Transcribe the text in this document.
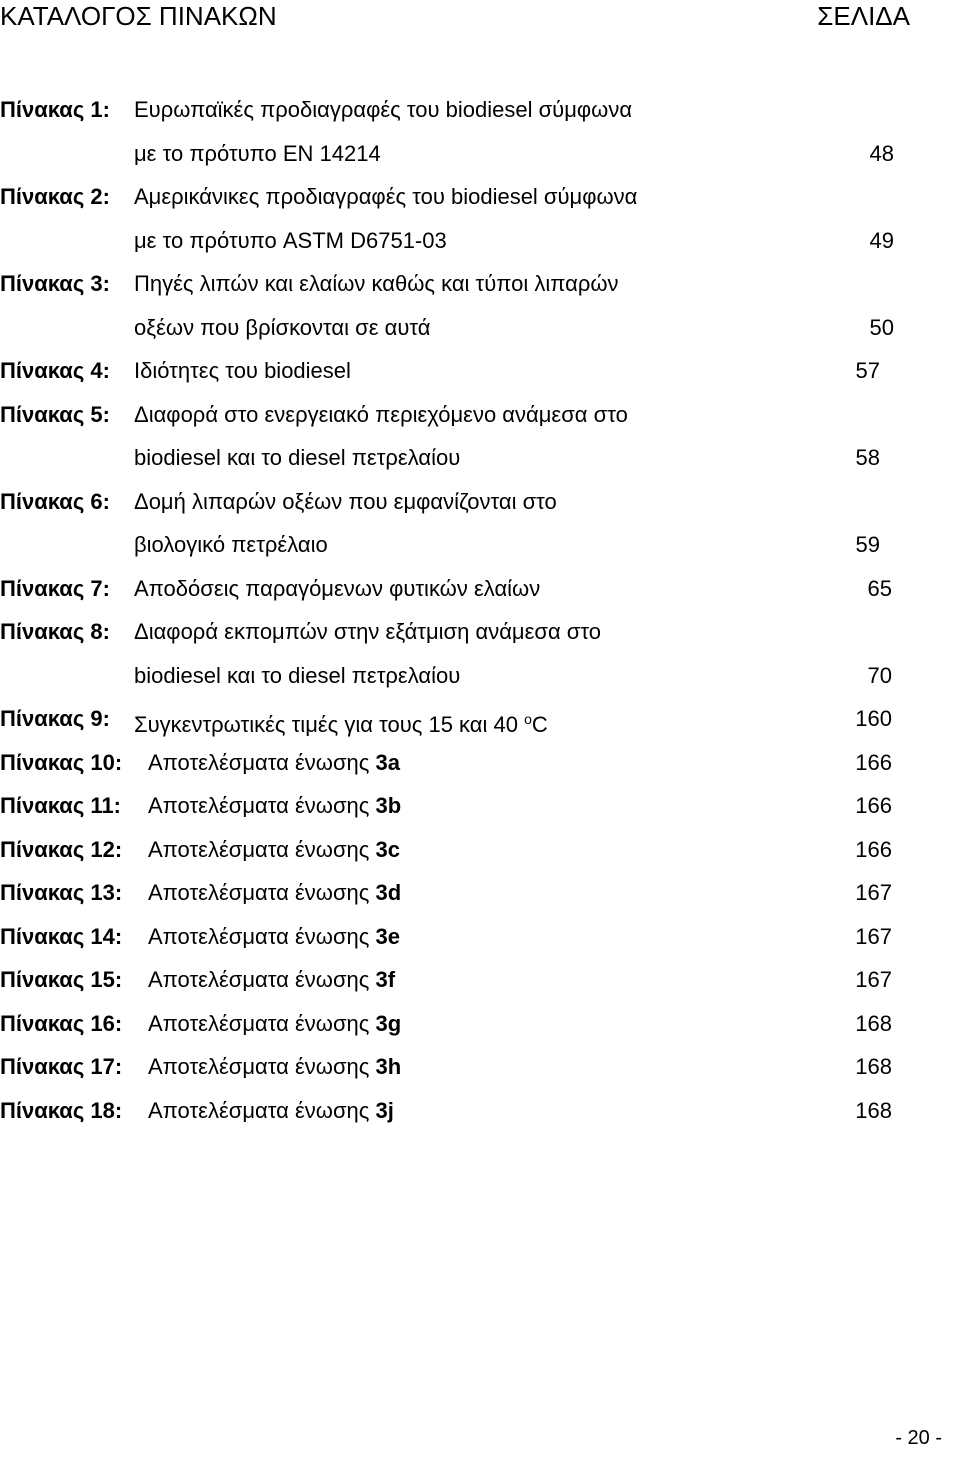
ΚΑΤΑΛΟΓΟΣ ΠΙΝΑΚΩΝ	ΣΕΛΙΔΑ
Πίνακας 1: Ευρωπαϊκές προδιαγραφές του biodiesel σύμφωνα
με το πρότυπο EN 14214	48
Πίνακας 2: Αμερικάνικες προδιαγραφές του biodiesel σύμφωνα
με το πρότυπο ASTM D6751-03	49
Πίνακας 3: Πηγές λιπών και ελαίων καθώς και τύποι λιπαρών
οξέων που βρίσκονται σε αυτά	50
Πίνακας 4: Ιδιότητες του biodiesel	57
Πίνακας 5: Διαφορά στο ενεργειακό περιεχόμενο ανάμεσα στο
biodiesel και το diesel πετρελαίου	58
Πίνακας 6: Δομή λιπαρών οξέων που εμφανίζονται στο
βιολογικό πετρέλαιο	59
Πίνακας 7: Αποδόσεις παραγόμενων φυτικών ελαίων	65
Πίνακας 8: Διαφορά εκπομπών στην εξάτμιση ανάμεσα στο
biodiesel και το diesel πετρελαίου	70
Πίνακας 9: Συγκεντρωτικές τιμές για τους 15 και 40 $^o$C	160
Πίνακας 10: Αποτελέσματα ένωσης 3a	166
Πίνακας 11: Αποτελέσματα ένωσης 3b	166
Πίνακας 12: Αποτελέσματα ένωσης 3c	166
Πίνακας 13: Αποτελέσματα ένωσης 3d	167
Πίνακας 14: Αποτελέσματα ένωσης 3e	167
Πίνακας 15: Αποτελέσματα ένωσης 3f	167
Πίνακας 16: Αποτελέσματα ένωσης 3g	168
Πίνακας 17: Αποτελέσματα ένωσης 3h	168
Πίνακας 18: Αποτελέσματα ένωσης 3j	168
- 20 -
